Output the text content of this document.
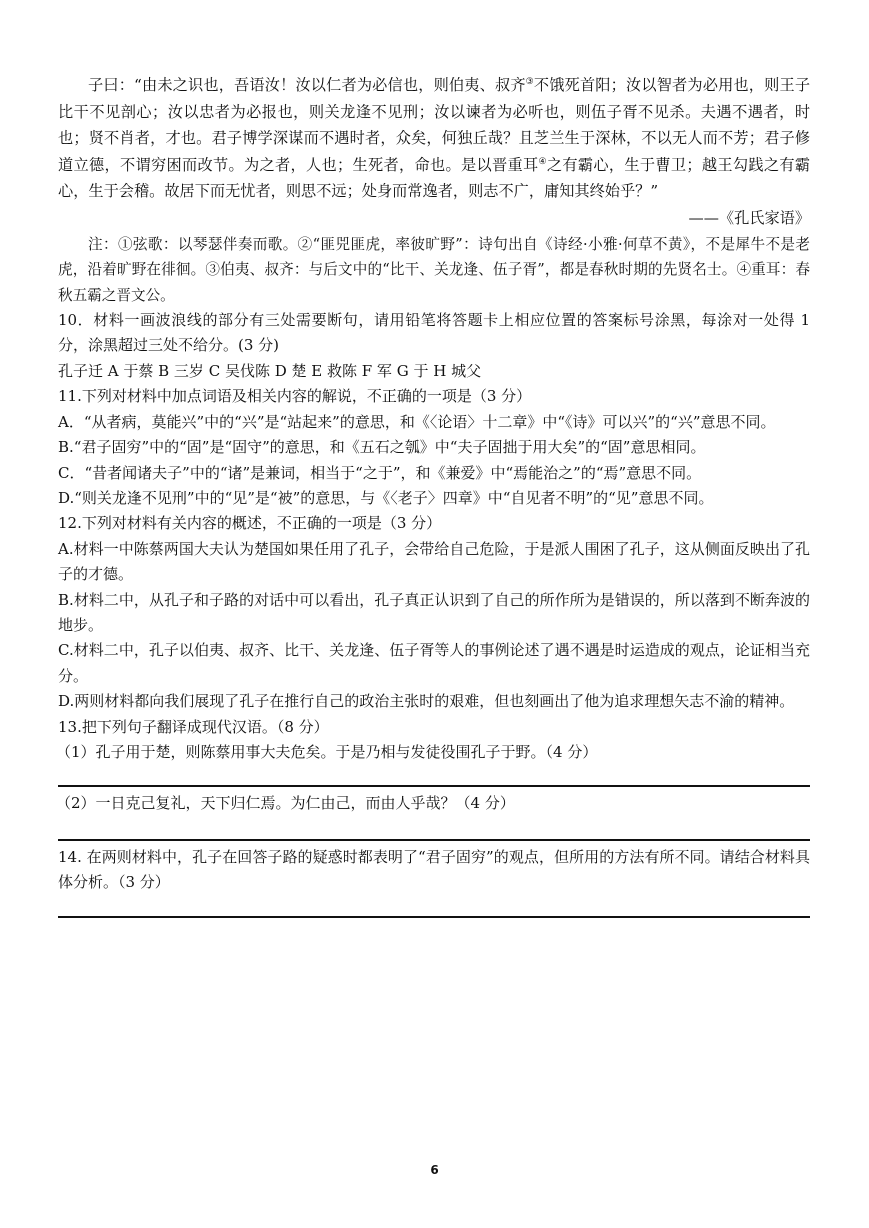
子曰：“由未之识也，吾语汝！汝以仁者为必信也，则伯夷、叔齐③不饿死首阳；汝以智者为必用也，则王子比干不见剖心；汝以忠者为必报也，则关龙逢不见刑；汝以谏者为必听也，则伍子胥不见杀。夫遇不遇者，时也；贤不肖者，才也。君子博学深谋而不遇时者，众矣，何独丘哉？且芝兰生于深林，不以无人而不芳；君子修道立德，不谓穷困而改节。为之者，人也；生死者，命也。是以晋重耳④之有霸心，生于曹卫；越王勾践之有霸心，生于会稽。故居下而无忧者，则思不远；处身而常逸者，则志不广，庸知其终始乎？”

——《孔氏家语》

注：①弦歌：以琴瑟伴奏而歌。②“匪兕匪虎，率彼旷野”：诗句出自《诗经·小雅·何草不黄》，不是犀牛不是老虎，沿着旷野在徘徊。③伯夷、叔齐：与后文中的“比干、关龙逢、伍子胥”，都是春秋时期的先贤名士。④重耳：春秋五霸之晋文公。

10．材料一画波浪线的部分有三处需要断句，请用铅笔将答题卡上相应位置的答案标号涂黑，每涂对一处得 1 分，涂黑超过三处不给分。(3 分)

孔子迁 A 于蔡 B 三岁 C 吴伐陈 D 楚 E 救陈 F 军 G 于 H 城父

11.下列对材料中加点词语及相关内容的解说，不正确的一项是（3 分）

A．“从者病，莫能兴”中的“兴”是“站起来”的意思，和《〈论语〉十二章》中“《诗》可以兴”的“兴”意思不同。

B.“君子固穷”中的“固”是“固守”的意思，和《五石之瓠》中“夫子固拙于用大矣”的“固”意思相同。

C．“昔者闻诸夫子”中的“诸”是兼词，相当于“之于”，和《兼爱》中“焉能治之”的“焉”意思不同。

D.“则关龙逢不见刑”中的“见”是“被”的意思，与《〈老子〉四章》中“自见者不明”的“见”意思不同。

12.下列对材料有关内容的概述，不正确的一项是（3 分）

A.材料一中陈蔡两国大夫认为楚国如果任用了孔子，会带给自己危险，于是派人围困了孔子，这从侧面反映出了孔子的才德。

B.材料二中，从孔子和子路的对话中可以看出，孔子真正认识到了自己的所作所为是错误的，所以落到不断奔波的地步。

C.材料二中，孔子以伯夷、叔齐、比干、关龙逢、伍子胥等人的事例论述了遇不遇是时运造成的观点，论证相当充分。

D.两则材料都向我们展现了孔子在推行自己的政治主张时的艰难，但也刻画出了他为追求理想矢志不渝的精神。

13.把下列句子翻译成现代汉语。（8 分）

（1）孔子用于楚，则陈蔡用事大夫危矣。于是乃相与发徒役围孔子于野。（4 分）

（2）一日克己复礼，天下归仁焉。为仁由己，而由人乎哉？（4 分）

14. 在两则材料中，孔子在回答子路的疑惑时都表明了“君子固穷”的观点，但所用的方法有所不同。请结合材料具体分析。（3 分）

6
